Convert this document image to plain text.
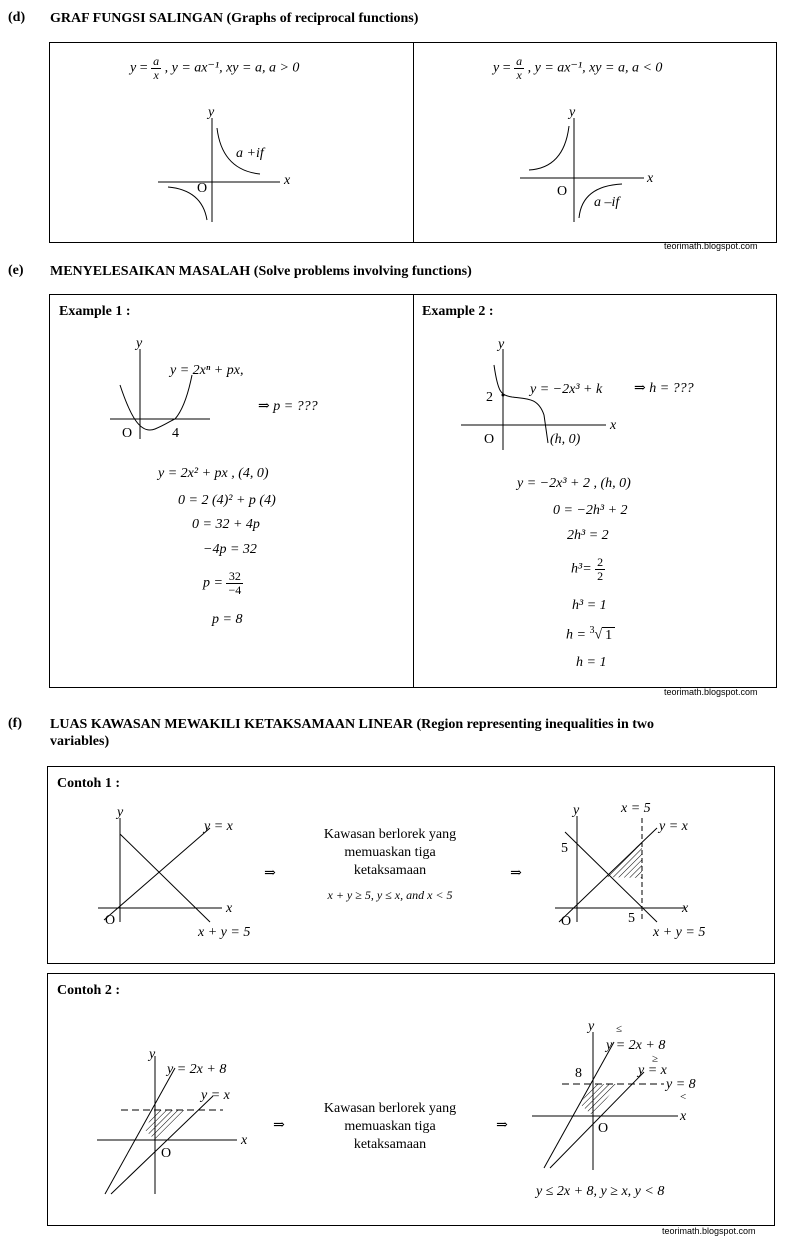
(d) GRAF FUNGSI SALINGAN (Graphs of reciprocal functions)
$y = \frac{a}{x}$ , y = ax⁻¹, xy = a, a > 0
y
x
O
a +if
$y = \frac{a}{x}$ , y = ax⁻¹, xy = a, a < 0
y
x
O
a –if
teorimath.blogspot.com
(e) MENYELESAIKAN MASALAH (Solve problems involving functions)
Example 1 :
y
O	4
y = 2xⁿ + px,
⇒ p = ???
y = 2x² + px , (4, 0)
0 = 2 (4)² + p (4)
0 = 32 + 4p
−4p = 32
$p = \frac{32}{-4}$
p = 8
Example 2 :
y
x
O
2
(h, 0)
y = −2x³ + k ⇒ h = ???
y = −2x³ + 2 , (h, 0)
0 = −2h³ + 2
2h³ = 2
$h^3= \frac{2}{2}$
h³ = 1
h = $^3$√ 1
h = 1
teorimath.blogspot.com
(f) LUAS KAWASAN MEWAKILI KETAKSAMAAN LINEAR (Region representing inequalities in two
variables)
Contoh 1 :
y
x
O
y = x
x + y = 5
⇒
Kawasan berlorek yang
memuaskan tiga
ketaksamaan
x + y ≥ 5, y ≤ x, and x < 5
⇒
y
x
O
x = 5
y = x
5
5
x + y = 5
Contoh 2 :
y
x
O
y = 2x + 8
y = x
⇒
Kawasan berlorek yang
memuaskan tiga
ketaksamaan
⇒
y
x
O
≤
y = 2x + 8
≥
y = x
8
y = 8
<
y ≤ 2x + 8, y ≥ x, y < 8
teorimath.blogspot.com
